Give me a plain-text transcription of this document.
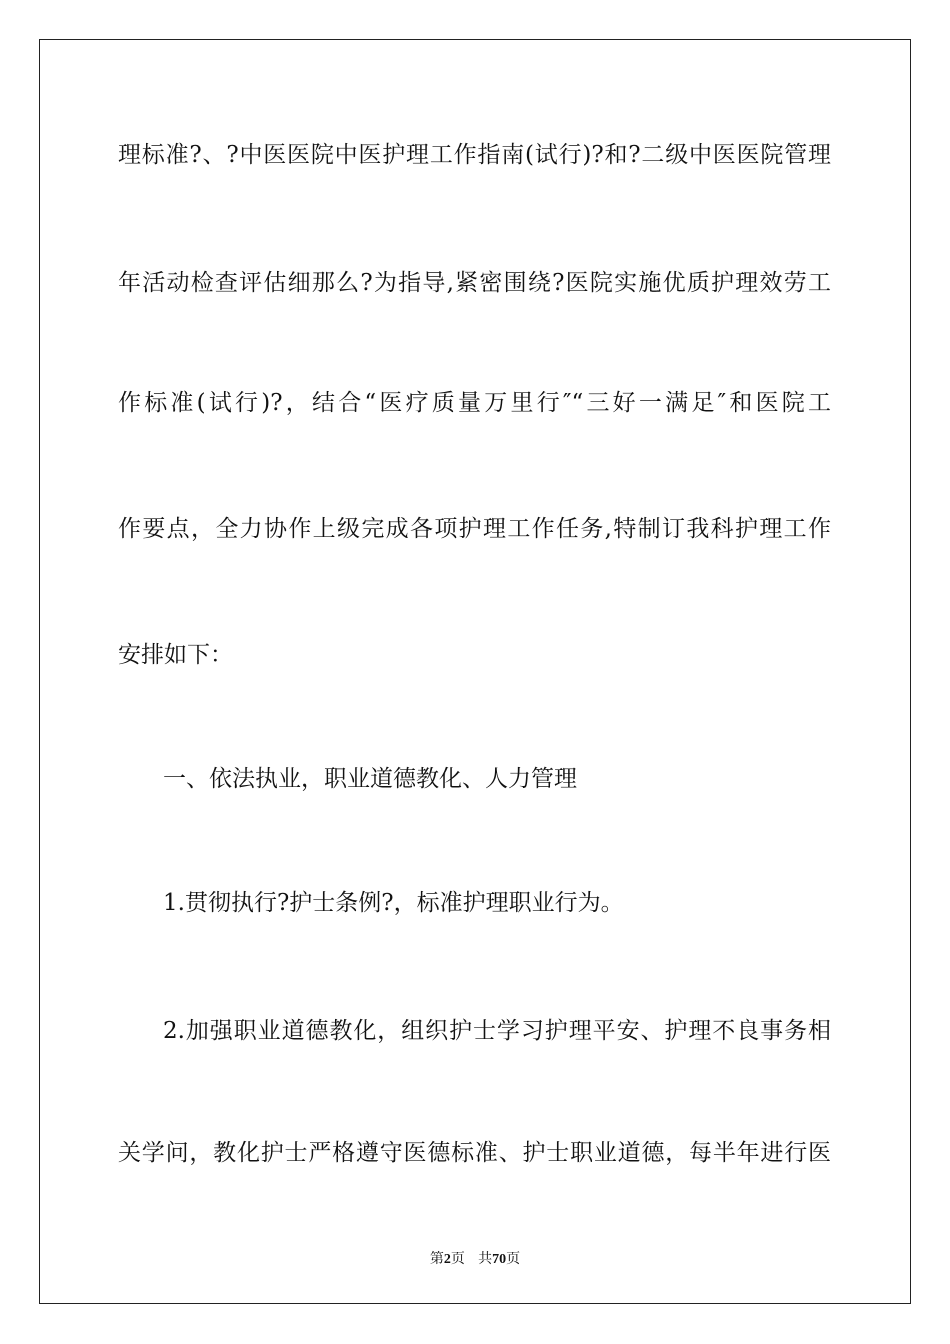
理标准?、?中医医院中医护理工作指南(试行)?和?二级中医医院管理
年活动检查评估细那么?为指导,紧密围绕?医院实施优质护理效劳工
作标准(试行)?，结合“医疗质量万里行″“三好一满足″和医院工
作要点，全力协作上级完成各项护理工作任务,特制订我科护理工作
安排如下：
一、依法执业，职业道德教化、人力管理
1.贯彻执行?护士条例?，标准护理职业行为。
2.加强职业道德教化，组织护士学习护理平安、护理不良事务相
关学问，教化护士严格遵守医德标准、护士职业道德，每半年进行医
第2页 共70页
